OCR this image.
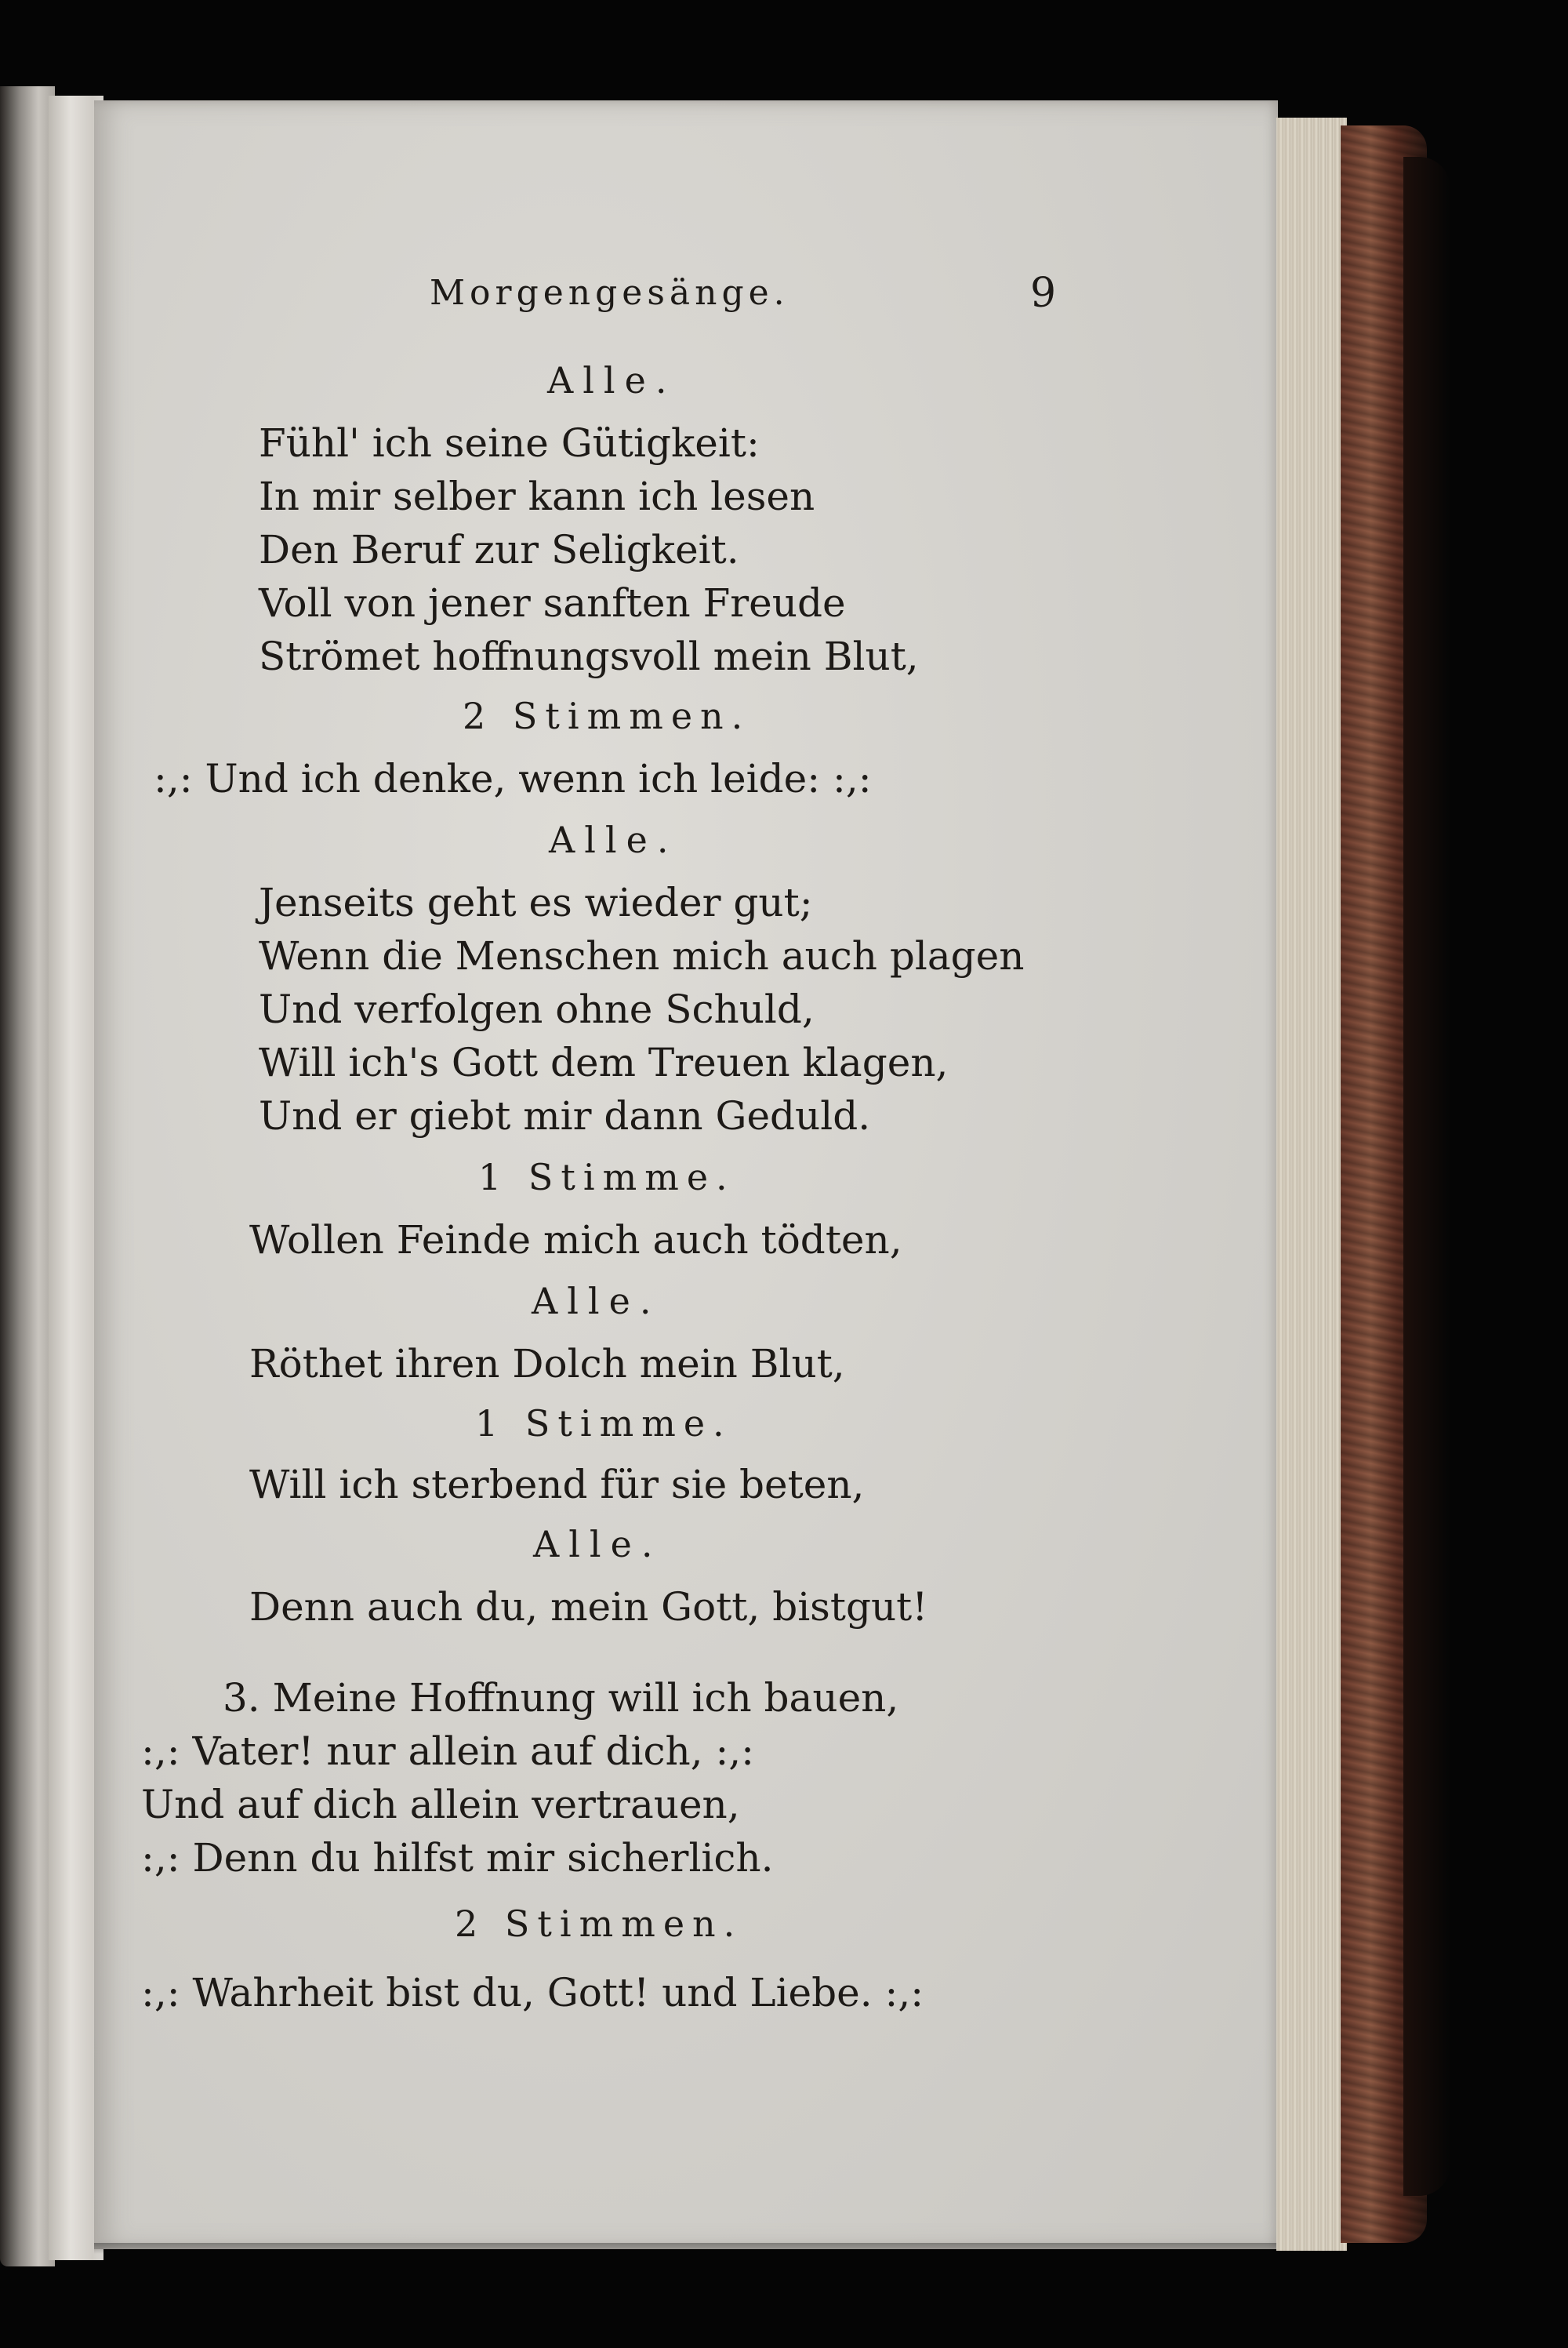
Morgengesänge.	9
Alle.
Fühl' ich seine Gütigkeit:
In mir selber kann ich lesen
Den Beruf zur Seligkeit.
Voll von jener sanften Freude
Strömet hoffnungsvoll mein Blut,
2 Stimmen.
:,: Und ich denke, wenn ich leide: :,:
Alle.
Jenseits geht es wieder gut;
Wenn die Menschen mich auch plagen
Und verfolgen ohne Schuld,
Will ich's Gott dem Treuen klagen,
Und er giebt mir dann Geduld.
1 Stimme.
Wollen Feinde mich auch tödten,
Alle.
Röthet ihren Dolch mein Blut,
1 Stimme.
Will ich sterbend für sie beten,
Alle.
Denn auch du, mein Gott, bistgut!
3. Meine Hoffnung will ich bauen,
:,: Vater! nur allein auf dich, :,:
Und auf dich allein vertrauen,
:,: Denn du hilfst mir sicherlich.
2 Stimmen.
:,: Wahrheit bist du, Gott! und Liebe. :,:
